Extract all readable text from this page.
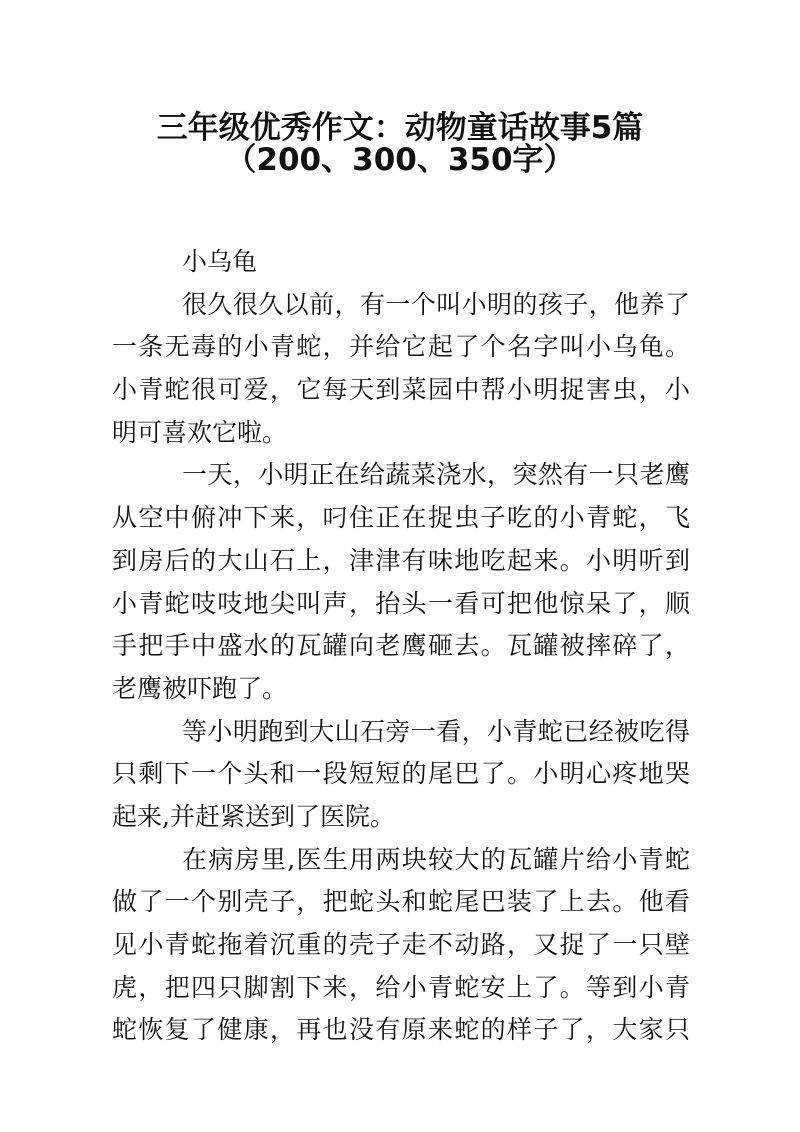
三年级优秀作文：动物童话故事5篇
（200、300、350字）
小乌龟
很久很久以前，有一个叫小明的孩子，他养了
一条无毒的小青蛇，并给它起了个名字叫小乌龟。
小青蛇很可爱，它每天到菜园中帮小明捉害虫，小
明可喜欢它啦。
一天，小明正在给蔬菜浇水，突然有一只老鹰
从空中俯冲下来，叼住正在捉虫子吃的小青蛇，飞
到房后的大山石上，津津有味地吃起来。小明听到
小青蛇吱吱地尖叫声，抬头一看可把他惊呆了，顺
手把手中盛水的瓦罐向老鹰砸去。瓦罐被摔碎了，
老鹰被吓跑了。
等小明跑到大山石旁一看，小青蛇已经被吃得
只剩下一个头和一段短短的尾巴了。小明心疼地哭
起来,并赶紧送到了医院。
在病房里,医生用两块较大的瓦罐片给小青蛇
做了一个别壳子，把蛇头和蛇尾巴装了上去。他看
见小青蛇拖着沉重的壳子走不动路，又捉了一只壁
虎，把四只脚割下来，给小青蛇安上了。等到小青
蛇恢复了健康，再也没有原来蛇的样子了，大家只
